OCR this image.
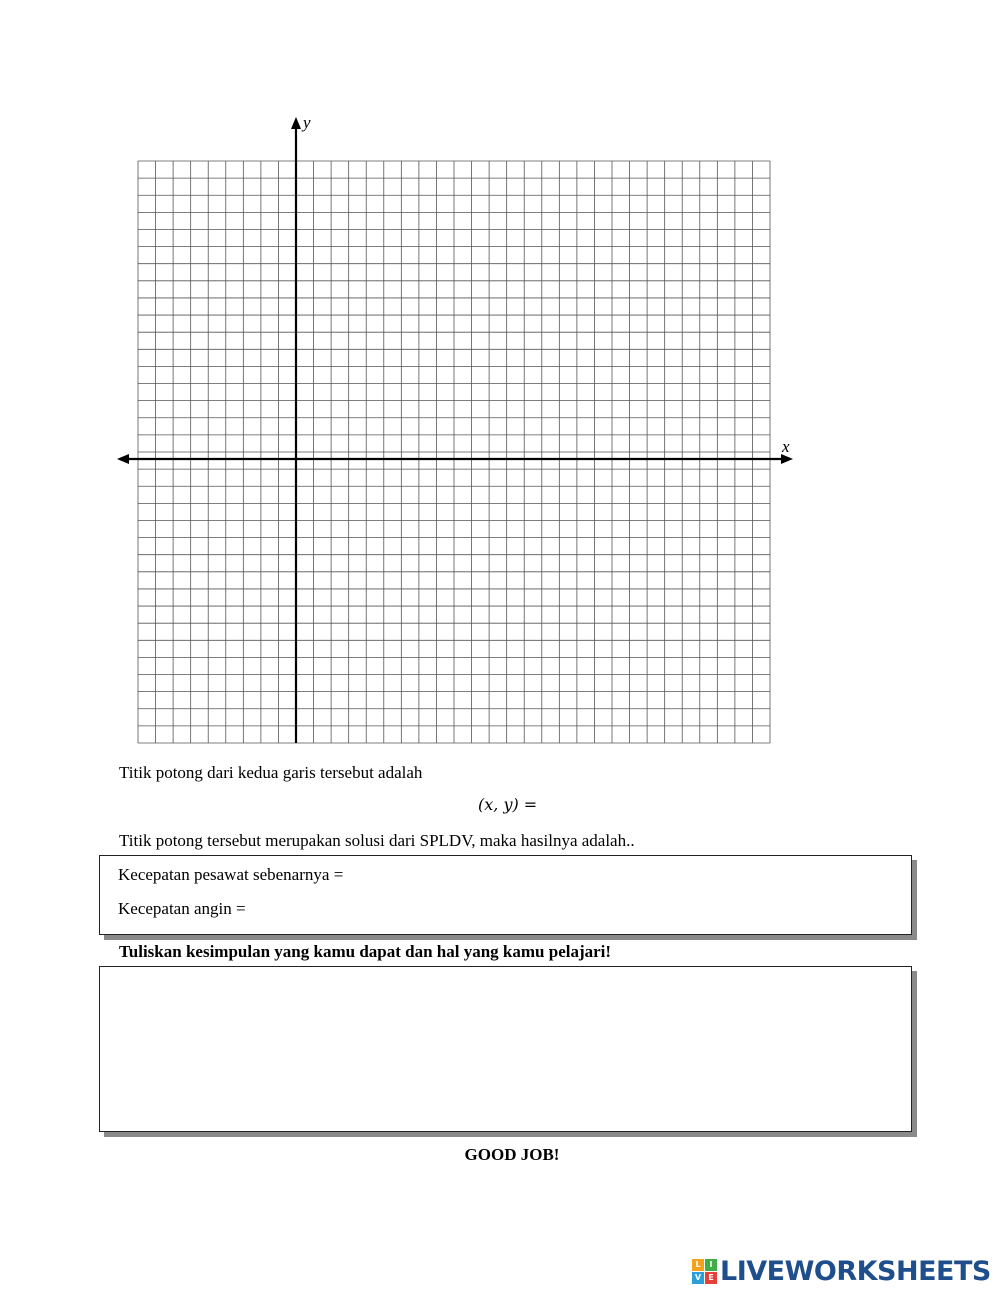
y
x
Titik potong dari kedua garis tersebut adalah
(x, y) =
Titik potong tersebut merupakan solusi dari SPLDV, maka hasilnya adalah..
Kecepatan pesawat sebenarnya =
Kecepatan angin =
Tuliskan kesimpulan yang kamu dapat dan hal yang kamu pelajari!
GOOD JOB!
L	I
V E LIVEWORKSHEETS
